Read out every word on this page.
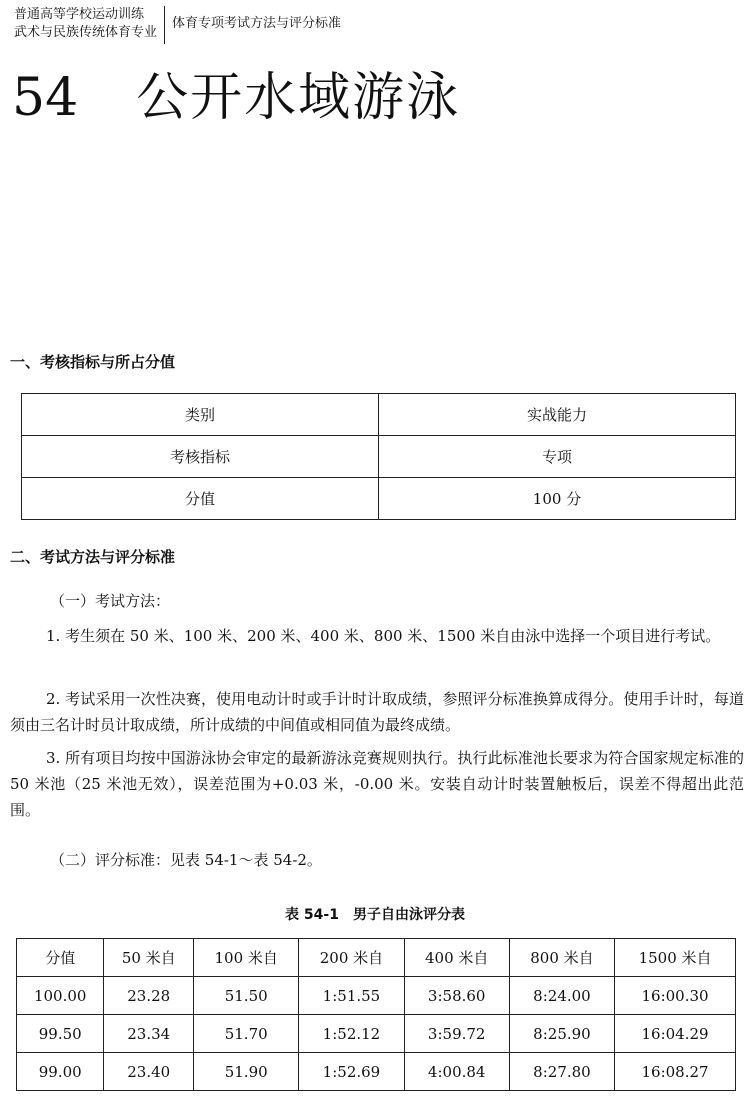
普通高等学校运动训练
武术与民族传统体育专业
体育专项考试方法与评分标准
54 公开水域游泳
一、考核指标与所占分值
类别	实战能力
考核指标	专项
分值	100 分
二、考试方法与评分标准
（一）考试方法：
1. 考生须在 50 米、100 米、200 米、400 米、800 米、1500 米自由泳中选择一个项目进行考试。
2. 考试采用一次性决赛，使用电动计时或手计时计取成绩，参照评分标准换算成得分。使用手计时，每道须由三名计时员计取成绩，所计成绩的中间值或相同值为最终成绩。
3. 所有项目均按中国游泳协会审定的最新游泳竞赛规则执行。执行此标准池长要求为符合国家规定标准的 50 米池（25 米池无效），误差范围为+0.03 米，-0.00 米。安装自动计时装置触板后，误差不得超出此范围。
（二）评分标准：见表 54-1～表 54-2。
表 54-1　男子自由泳评分表
分值	50 米自	100 米自	200 米自	400 米自	800 米自	1500 米自
100.00	23.28	51.50	1:51.55	3:58.60	8:24.00	16:00.30
99.50	23.34	51.70	1:52.12	3:59.72	8:25.90	16:04.29
99.00	23.40	51.90	1:52.69	4:00.84	8:27.80	16:08.27
